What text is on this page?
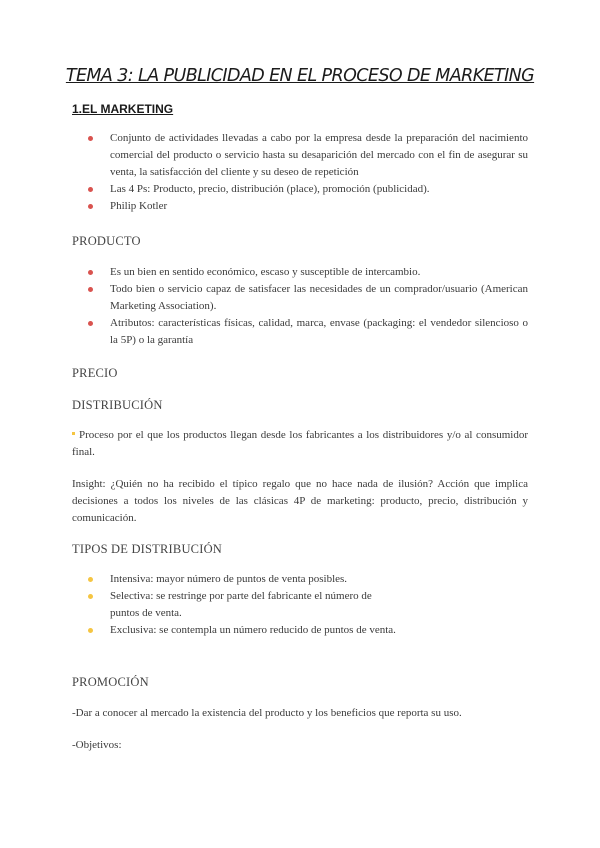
TEMA 3: LA PUBLICIDAD EN EL PROCESO DE MARKETING
1.EL MARKETING
Conjunto de actividades llevadas a cabo por la empresa desde la preparación del nacimiento comercial del producto o servicio hasta su desaparición del mercado con el fin de asegurar su venta, la satisfacción del cliente y su deseo de repetición
Las 4 Ps: Producto, precio, distribución (place), promoción (publicidad).
Philip Kotler
PRODUCTO
Es un bien en sentido económico, escaso y susceptible de intercambio.
Todo bien o servicio capaz de satisfacer las necesidades de un comprador/usuario (American Marketing Association).
Atributos: características físicas, calidad, marca, envase (packaging: el vendedor silencioso o la 5P) o la garantía
PRECIO
DISTRIBUCIÓN
Proceso por el que los productos llegan desde los fabricantes a los distribuidores y/o al consumidor final.
Insight: ¿Quién no ha recibido el típico regalo que no hace nada de ilusión? Acción que implica decisiones a todos los niveles de las clásicas 4P de marketing: producto, precio, distribución y comunicación.
TIPOS DE DISTRIBUCIÓN
Intensiva: mayor número de puntos de venta posibles.
Selectiva: se restringe por parte del fabricante el número de puntos de venta.
Exclusiva: se contempla un número reducido de puntos de venta.
PROMOCIÓN
-Dar a conocer al mercado la existencia del producto y los beneficios que reporta su uso.
-Objetivos:
